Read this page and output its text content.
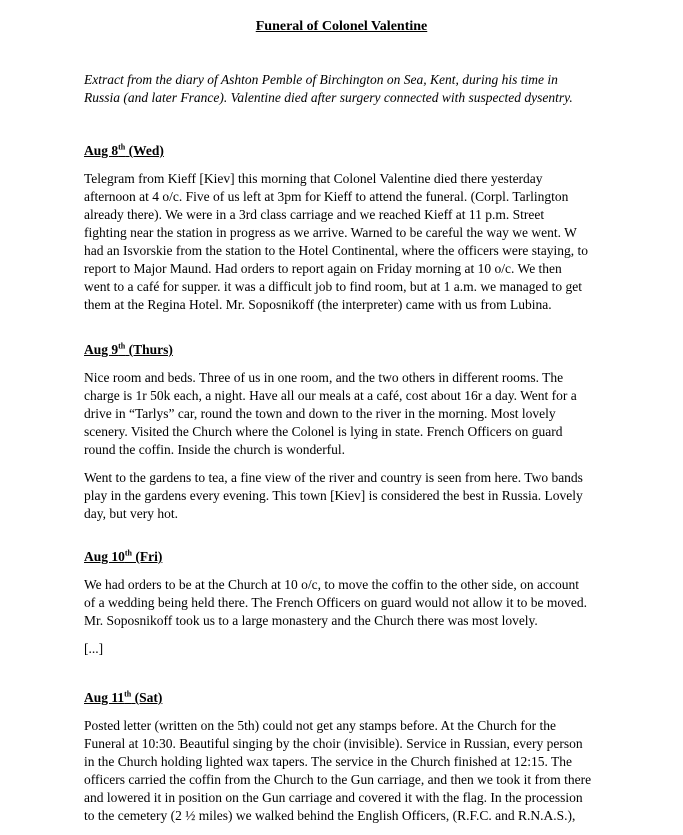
Funeral of Colonel Valentine
Extract from the diary of Ashton Pemble of Birchington on Sea, Kent, during his time in
Russia (and later France). Valentine died after surgery connected with suspected dysentry.
Aug 8th (Wed)
Telegram from Kieff [Kiev] this morning that Colonel Valentine died there yesterday
afternoon at 4 o/c. Five of us left at 3pm for Kieff to attend the funeral. (Corpl. Tarlington
already there). We were in a 3rd class carriage and we reached Kieff at 11 p.m. Street
fighting near the station in progress as we arrive. Warned to be careful the way we went. W
had an Isvorskie from the station to the Hotel Continental, where the officers were staying, to
report to Major Maund. Had orders to report again on Friday morning at 10 o/c. We then
went to a café for supper. it was a difficult job to find room, but at 1 a.m. we managed to get
them at the Regina Hotel. Mr. Soposnikoff (the interpreter) came with us from Lubina.
Aug 9th (Thurs)
Nice room and beds. Three of us in one room, and the two others in different rooms. The
charge is 1r 50k each, a night. Have all our meals at a café, cost about 16r a day. Went for a
drive in “Tarlys” car, round the town and down to the river in the morning. Most lovely
scenery. Visited the Church where the Colonel is lying in state. French Officers on guard
round the coffin. Inside the church is wonderful.
Went to the gardens to tea, a fine view of the river and country is seen from here. Two bands
play in the gardens every evening. This town [Kiev] is considered the best in Russia. Lovely
day, but very hot.
Aug 10th (Fri)
We had orders to be at the Church at 10 o/c, to move the coffin to the other side, on account
of a wedding being held there. The French Officers on guard would not allow it to be moved.
Mr. Soposnikoff took us to a large monastery and the Church there was most lovely.
[...]
Aug 11th (Sat)
Posted letter (written on the 5th) could not get any stamps before. At the Church for the
Funeral at 10:30. Beautiful singing by the choir (invisible). Service in Russian, every person
in the Church holding lighted wax tapers. The service in the Church finished at 12:15. The
officers carried the coffin from the Church to the Gun carriage, and then we took it from there
and lowered it in position on the Gun carriage and covered it with the flag. In the procession
to the cemetery (2 ½ miles) we walked behind the English Officers, (R.F.C. and R.N.A.S.),
